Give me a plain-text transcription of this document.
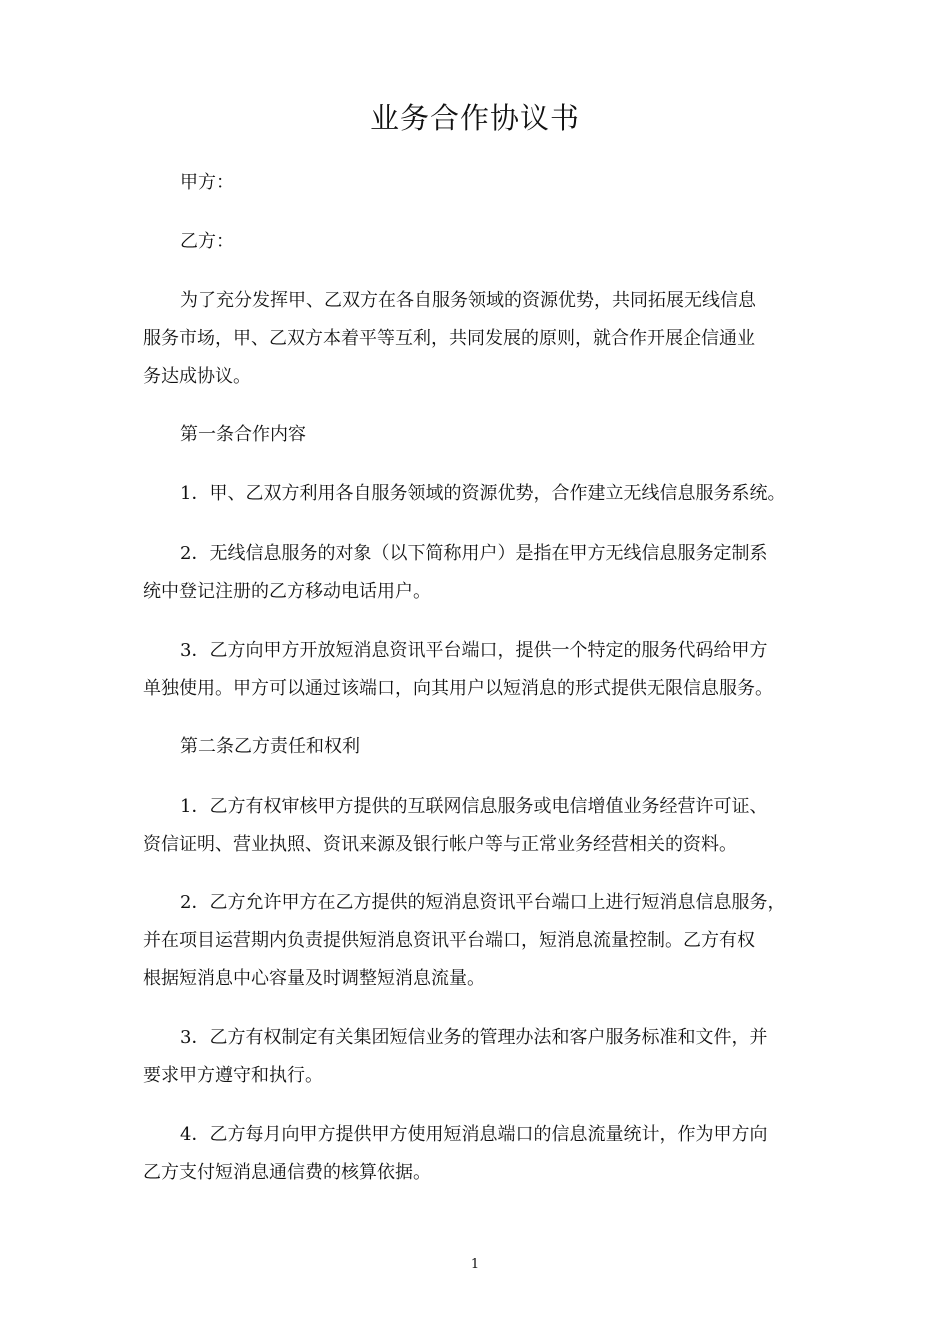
业务合作协议书
甲方：
乙方：
为了充分发挥甲、乙双方在各自服务领域的资源优势，共同拓展无线信息
服务市场，甲、乙双方本着平等互利，共同发展的原则，就合作开展企信通业
务达成协议。
第一条合作内容
1．甲、乙双方利用各自服务领域的资源优势，合作建立无线信息服务系统。
2．无线信息服务的对象（以下简称用户）是指在甲方无线信息服务定制系
统中登记注册的乙方移动电话用户。
3．乙方向甲方开放短消息资讯平台端口，提供一个特定的服务代码给甲方
单独使用。甲方可以通过该端口，向其用户以短消息的形式提供无限信息服务。
第二条乙方责任和权利
1．乙方有权审核甲方提供的互联网信息服务或电信增值业务经营许可证、
资信证明、营业执照、资讯来源及银行帐户等与正常业务经营相关的资料。
2．乙方允许甲方在乙方提供的短消息资讯平台端口上进行短消息信息服务，
并在项目运营期内负责提供短消息资讯平台端口，短消息流量控制。乙方有权
根据短消息中心容量及时调整短消息流量。
3．乙方有权制定有关集团短信业务的管理办法和客户服务标准和文件，并
要求甲方遵守和执行。
4．乙方每月向甲方提供甲方使用短消息端口的信息流量统计，作为甲方向
乙方支付短消息通信费的核算依据。
1
